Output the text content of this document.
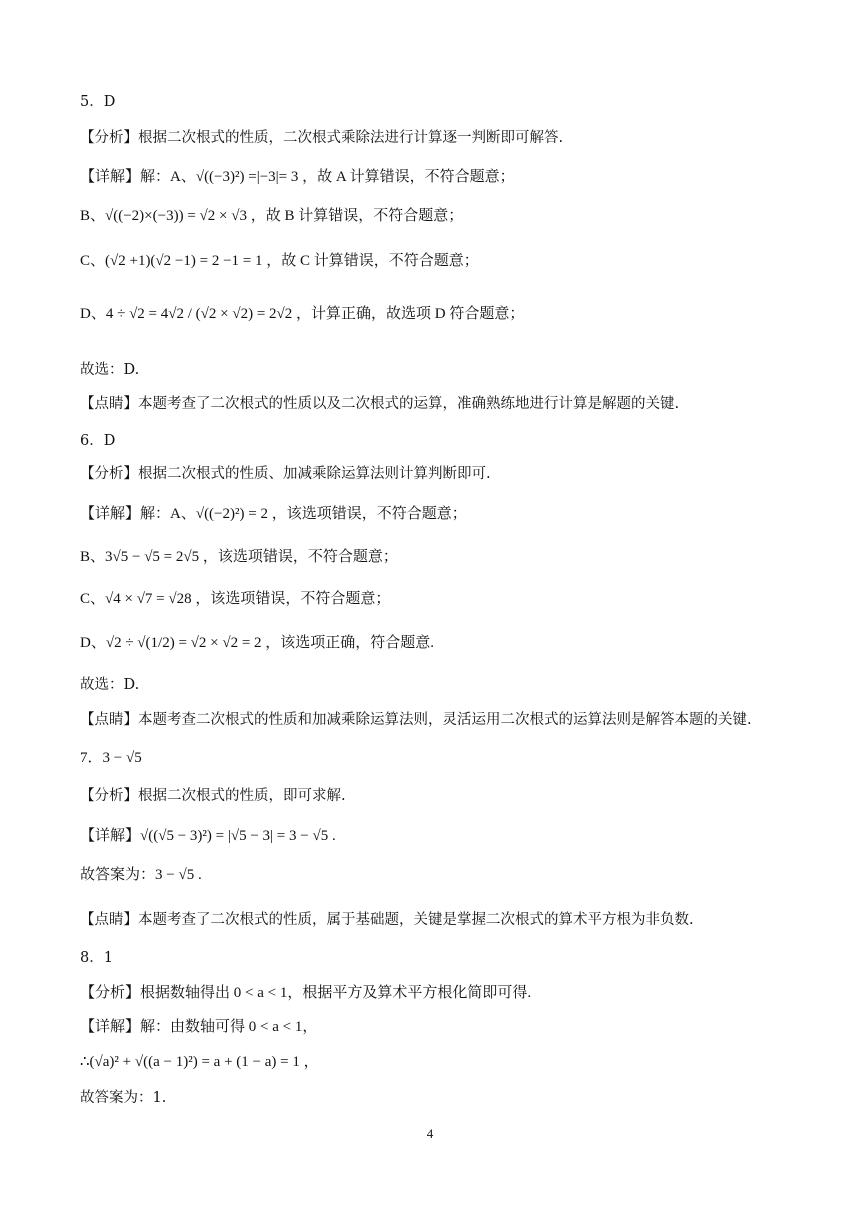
5．D
【分析】根据二次根式的性质，二次根式乘除法进行计算逐一判断即可解答.
【详解】解：A、√((−3)²) =|−3|= 3 ，故 A 计算错误，不符合题意；
B、√((−2)×(−3)) = √2 × √3 ，故 B 计算错误，不符合题意；
C、(√2 +1)(√2 −1) = 2 −1 = 1 ，故 C 计算错误，不符合题意；
D、4 ÷ √2 = 4√2 / (√2 × √2) = 2√2 ，计算正确，故选项 D 符合题意；
故选：D.
【点睛】本题考查了二次根式的性质以及二次根式的运算，准确熟练地进行计算是解题的关键.
6．D
【分析】根据二次根式的性质、加减乘除运算法则计算判断即可.
【详解】解：A、√((−2)²) = 2 ，该选项错误，不符合题意；
B、3√5 − √5 = 2√5 ，该选项错误，不符合题意；
C、√4 × √7 = √28 ，该选项错误，不符合题意；
D、√2 ÷ √(1/2) = √2 × √2 = 2 ，该选项正确，符合题意.
故选：D.
【点睛】本题考查二次根式的性质和加减乘除运算法则，灵活运用二次根式的运算法则是解答本题的关键.
7．3 − √5
【分析】根据二次根式的性质，即可求解.
【详解】√((√5 − 3)²) = |√5 − 3| = 3 − √5 .
故答案为：3 − √5 .
【点睛】本题考查了二次根式的性质，属于基础题，关键是掌握二次根式的算术平方根为非负数.
8．1
【分析】根据数轴得出 0 < a < 1，根据平方及算术平方根化简即可得.
【详解】解：由数轴可得 0 < a < 1，
∴(√a)² + √((a − 1)²) = a + (1 − a) = 1 ，
故答案为：1.
4
